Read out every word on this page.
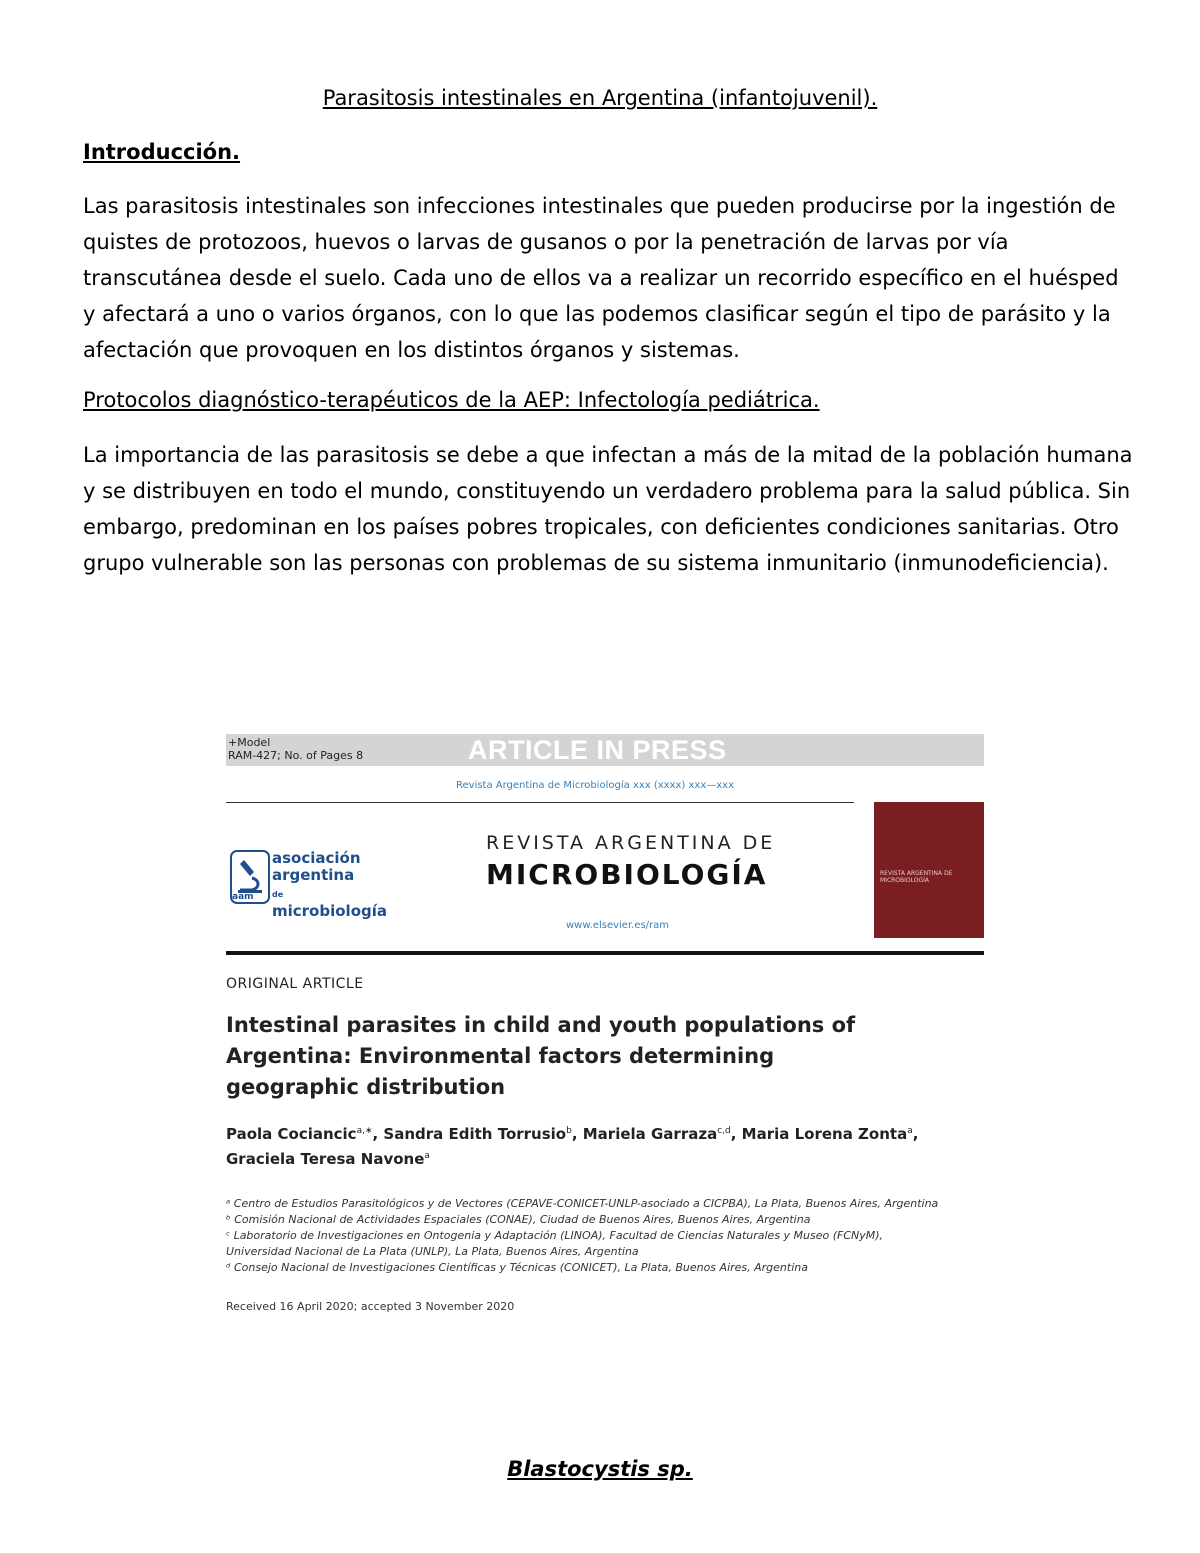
Parasitosis intestinales en Argentina (infantojuvenil).
Introducción.

Las parasitosis intestinales son infecciones intestinales que pueden producirse por la ingestión de quistes de protozoos, huevos o larvas de gusanos o por la penetración de larvas por vía transcutánea desde el suelo. Cada uno de ellos va a realizar un recorrido específico en el huésped y afectará a uno o varios órganos, con lo que las podemos clasificar según el tipo de parásito y la afectación que provoquen en los distintos órganos y sistemas.

Protocolos diagnóstico-terapéuticos de la AEP: Infectología pediátrica.

La importancia de las parasitosis se debe a que infectan a más de la mitad de la población humana y se distribuyen en todo el mundo, constituyendo un verdadero problema para la salud pública. Sin embargo, predominan en los países pobres tropicales, con deficientes condiciones sanitarias. Otro grupo vulnerable son las personas con problemas de su sistema inmunitario (inmunodeficiencia).

+Model
RAM-427; No. of Pages 8	ARTICLE IN PRESS
Revista Argentina de Microbiología xxx (xxxx) xxx—xxx
REVISTA ARGENTINA DE
MICROBIOLOGÍA
aam
asociación
argentina
de
microbiología
REVISTA ARGENTINA DE
MICROBIOLOGÍA
www.elsevier.es/ram
ORIGINAL ARTICLE
Intestinal parasites in child and youth populations of Argentina: Environmental factors determining geographic distribution
Paola Cociancic$^{a,∗}$, Sandra Edith Torrusio$^b$, Mariela Garraza$^{c,d}$, Maria Lorena Zonta$^a$,
Graciela Teresa Navone$^a$
ᵃ Centro de Estudios Parasitológicos y de Vectores (CEPAVE-CONICET-UNLP-asociado a CICPBA), La Plata, Buenos Aires, Argentina
ᵇ Comisión Nacional de Actividades Espaciales (CONAE), Ciudad de Buenos Aires, Buenos Aires, Argentina
ᶜ Laboratorio de Investigaciones en Ontogenia y Adaptación (LINOA), Facultad de Ciencias Naturales y Museo (FCNyM),
Universidad Nacional de La Plata (UNLP), La Plata, Buenos Aires, Argentina
ᵈ Consejo Nacional de Investigaciones Científicas y Técnicas (CONICET), La Plata, Buenos Aires, Argentina
Received 16 April 2020; accepted 3 November 2020
Blastocystis sp.
